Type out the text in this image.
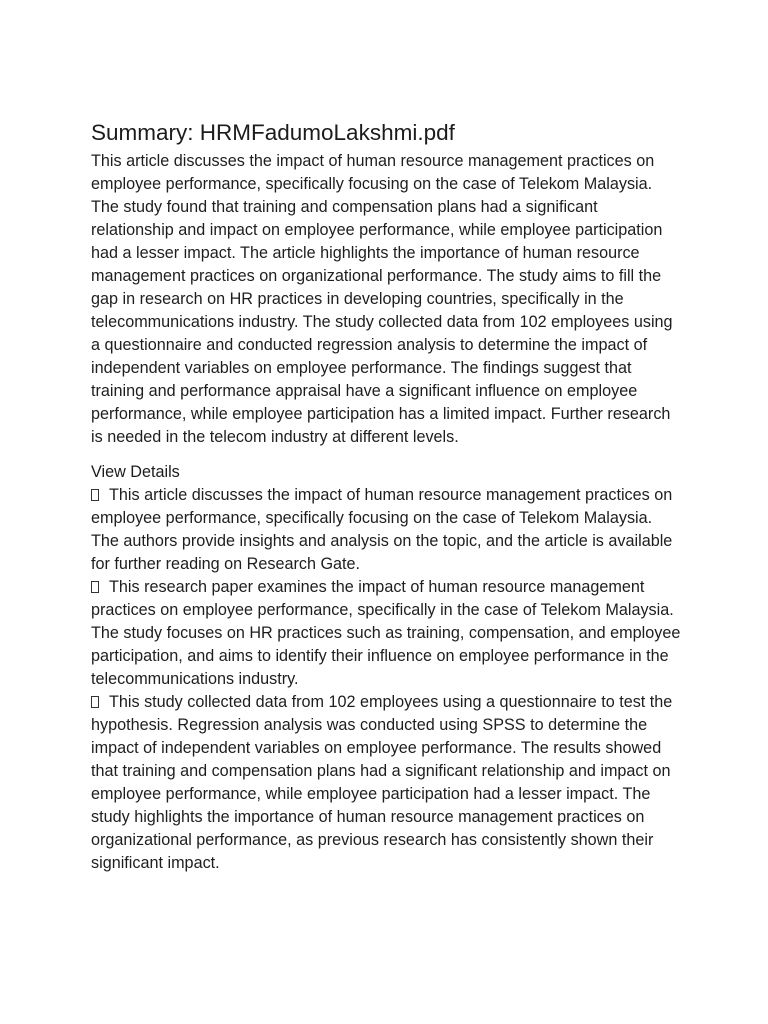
Summary: HRMFadumoLakshmi.pdf

This article discusses the impact of human resource management practices on employee performance, specifically focusing on the case of Telekom Malaysia. The study found that training and compensation plans had a significant relationship and impact on employee performance, while employee participation had a lesser impact. The article highlights the importance of human resource management practices on organizational performance. The study aims to fill the gap in research on HR practices in developing countries, specifically in the telecommunications industry. The study collected data from 102 employees using a questionnaire and conducted regression analysis to determine the impact of independent variables on employee performance. The findings suggest that training and performance appraisal have a significant influence on employee performance, while employee participation has a limited impact. Further research is needed in the telecom industry at different levels.

View Details
This article discusses the impact of human resource management practices on employee performance, specifically focusing on the case of Telekom Malaysia. The authors provide insights and analysis on the topic, and the article is available for further reading on Research Gate.
This research paper examines the impact of human resource management practices on employee performance, specifically in the case of Telekom Malaysia. The study focuses on HR practices such as training, compensation, and employee participation, and aims to identify their influence on employee performance in the telecommunications industry.
This study collected data from 102 employees using a questionnaire to test the hypothesis. Regression analysis was conducted using SPSS to determine the impact of independent variables on employee performance. The results showed that training and compensation plans had a significant relationship and impact on employee performance, while employee participation had a lesser impact. The study highlights the importance of human resource management practices on organizational performance, as previous research has consistently shown their significant impact.
